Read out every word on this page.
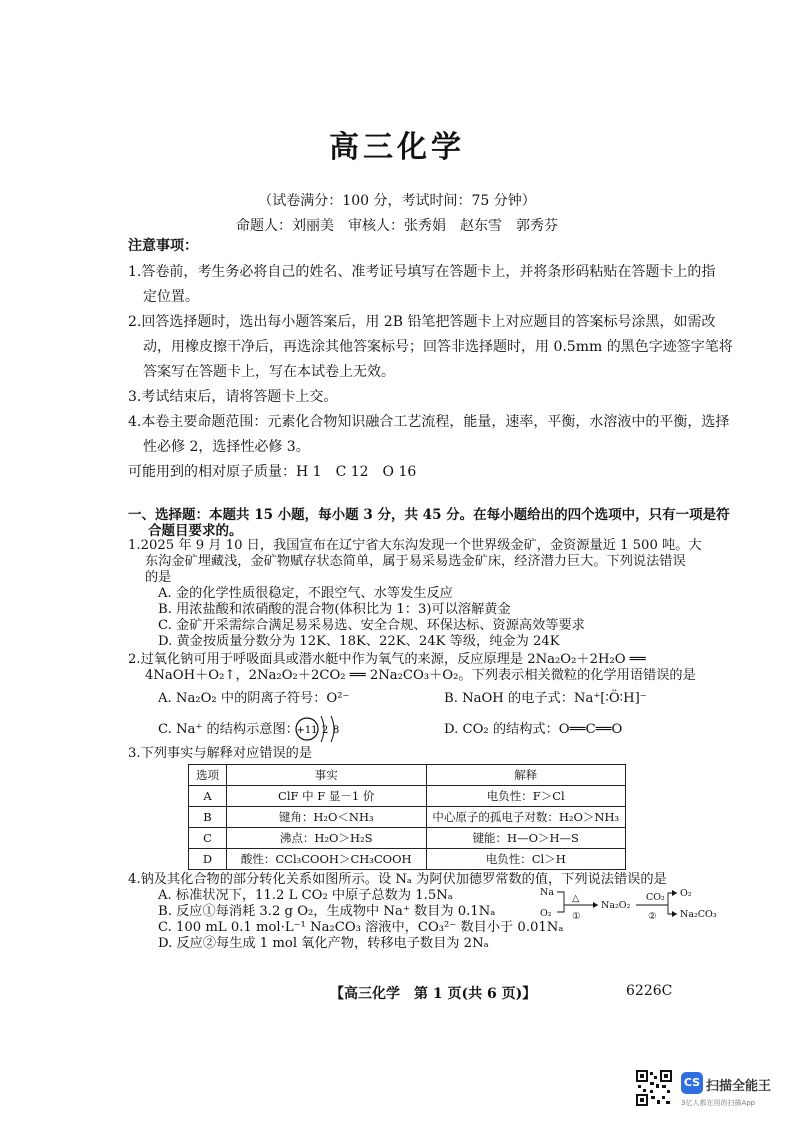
高三化学
（试卷满分：100 分，考试时间：75 分钟）
命题人：刘丽美　审核人：张秀娟　赵东雪　郭秀芬
注意事项：
1.答卷前，考生务必将自己的姓名、准考证号填写在答题卡上，并将条形码粘贴在答题卡上的指
定位置。
2.回答选择题时，选出每小题答案后，用 2B 铅笔把答题卡上对应题目的答案标号涂黑，如需改
动，用橡皮擦干净后，再选涂其他答案标号；回答非选择题时，用 0.5mm 的黑色字迹签字笔将
答案写在答题卡上，写在本试卷上无效。
3.考试结束后，请将答题卡上交。
4.本卷主要命题范围：元素化合物知识融合工艺流程，能量，速率，平衡，水溶液中的平衡，选择
性必修 2，选择性必修 3。
可能用到的相对原子质量：H 1　C 12　O 16
一、选择题：本题共 15 小题，每小题 3 分，共 45 分。在每小题给出的四个选项中，只有一项是符
合题目要求的。
1.2025 年 9 月 10 日，我国宣布在辽宁省大东沟发现一个世界级金矿，金资源量近 1 500 吨。大
东沟金矿埋藏浅，金矿物赋存状态简单，属于易采易选金矿床，经济潜力巨大。下列说法错误
的是
A. 金的化学性质很稳定，不跟空气、水等发生反应
B. 用浓盐酸和浓硝酸的混合物(体积比为 1：3)可以溶解黄金
C. 金矿开采需综合满足易采易选、安全合规、环保达标、资源高效等要求
D. 黄金按质量分数分为 12K、18K、22K、24K 等级，纯金为 24K
2.过氧化钠可用于呼吸面具或潜水艇中作为氧气的来源，反应原理是 2Na₂O₂＋2H₂O ══
4NaOH＋O₂↑，2Na₂O₂＋2CO₂ ══ 2Na₂CO₃＋O₂。下列表示相关微粒的化学用语错误的是
A. Na₂O₂ 中的阴离子符号：O²⁻	B. NaOH 的电子式：Na⁺[∶Ö∶H]⁻
C. Na⁺ 的结构示意图：
+11 2 8	D. CO₂ 的结构式：O══C══O
3.下列事实与解释对应错误的是
选项	事实	解释
A	ClF 中 F 显－1 价	电负性：F＞Cl
B	键角：H₂O＜NH₃	中心原子的孤电子对数：H₂O＞NH₃
C	沸点：H₂O＞H₂S	键能：H—O＞H—S
D	酸性：CCl₃COOH＞CH₃COOH	电负性：Cl＞H
4.钠及其化合物的部分转化关系如图所示。设 Nₐ 为阿伏加德罗常数的值，下列说法错误的是
A. 标准状况下，11.2 L CO₂ 中原子总数为 1.5Nₐ
B. 反应①每消耗 3.2 g O₂，生成物中 Na⁺ 数目为 0.1Nₐ
C. 100 mL 0.1 mol·L⁻¹ Na₂CO₃ 溶液中，CO₃²⁻ 数目小于 0.01Nₐ
D. 反应②每生成 1 mol 氧化产物，转移电子数目为 2Nₐ
Na
O₂
△
①
Na₂O₂
CO₂
②
O₂
Na₂CO₃
【高三化学　第 1 页(共 6 页)】	6226C
CS 扫描全能王
3亿人都在用的扫描App
